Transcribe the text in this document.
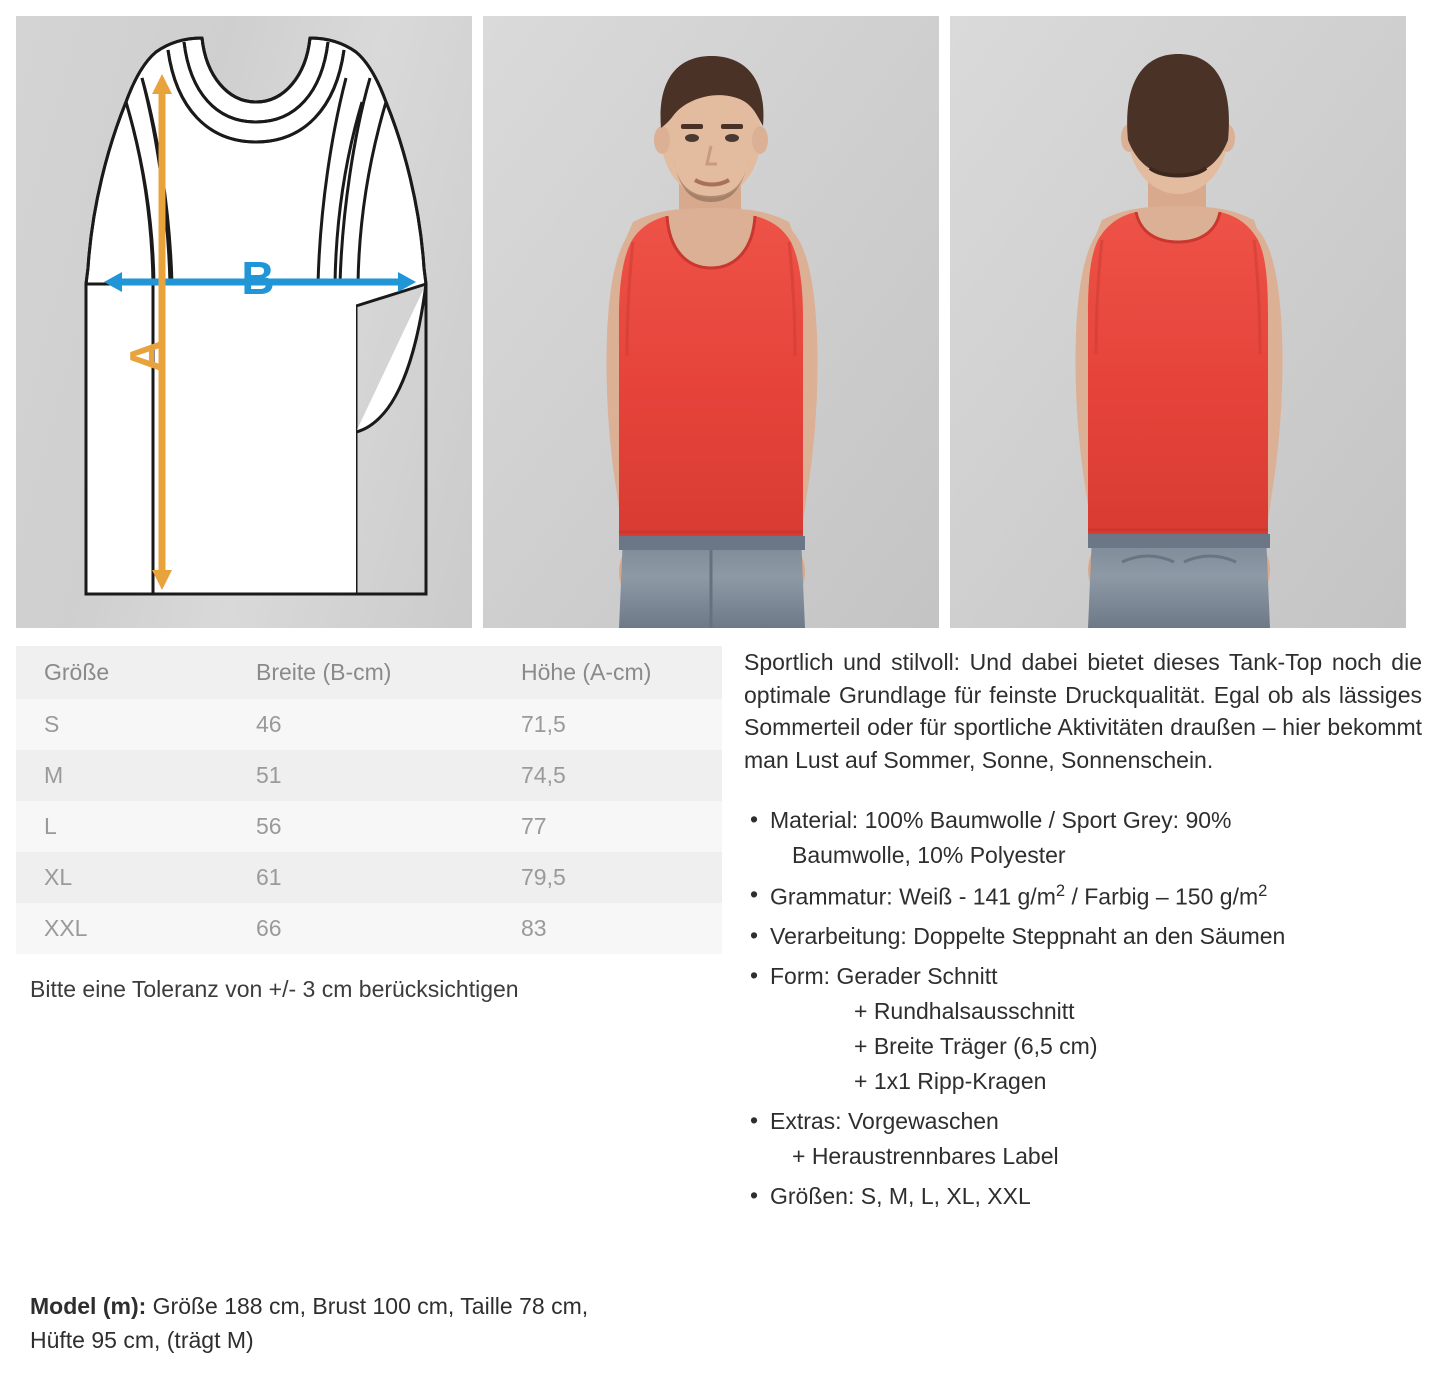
B
A
Größe	Breite (B-cm)	Höhe (A-cm)
S	46	71,5
M	51	74,5
L	56	77
XL	61	79,5
XXL	66	83
Bitte eine Toleranz von +/- 3 cm berücksichtigen

Sportlich und stilvoll: Und dabei bietet dieses Tank-Top noch die optimale Grundlage für feinste Druckqualität. Egal ob als lässiges Sommerteil oder für sportliche Aktivitäten draußen – hier bekommt man Lust auf Sommer, Sonne, Sonnenschein.

• Material: 100% Baumwolle / Sport Grey: 90%
Baumwolle, 10% Polyester
• Grammatur: Weiß - 141 $g/m^2$ / Farbig – 150 $g/m^2$
• Verarbeitung: Doppelte Steppnaht an den Säumen
• Form: Gerader Schnitt
+ Rundhalsausschnitt
+ Breite Träger (6,5 cm)
+ 1x1 Ripp-Kragen
• Extras: Vorgewaschen
+ Heraustrennbares Label
• Größen: S, M, L, XL, XXL
Model (m): Größe 188 cm, Brust 100 cm, Taille 78 cm,
Hüfte 95 cm, (trägt M)
